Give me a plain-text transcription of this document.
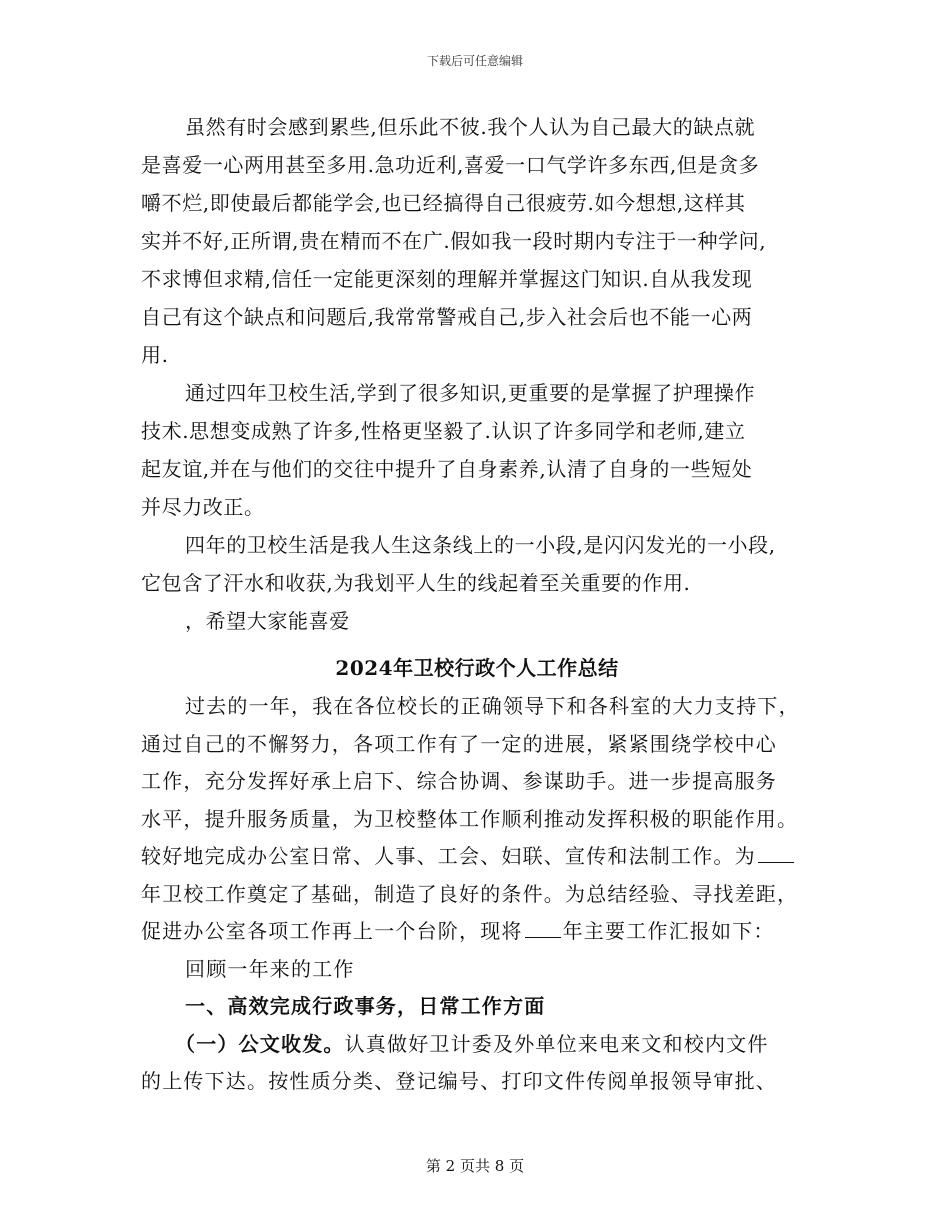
下载后可任意编辑
虽然有时会感到累些,但乐此不彼.我个人认为自己最大的缺点就
是喜爱一心两用甚至多用.急功近利,喜爱一口气学许多东西,但是贪多
嚼不烂,即使最后都能学会,也已经搞得自己很疲劳.如今想想,这样其
实并不好,正所谓,贵在精而不在广.假如我一段时期内专注于一种学问,
不求博但求精,信任一定能更深刻的理解并掌握这门知识.自从我发现
自己有这个缺点和问题后,我常常警戒自己,步入社会后也不能一心两
用.
通过四年卫校生活,学到了很多知识,更重要的是掌握了护理操作
技术.思想变成熟了许多,性格更坚毅了.认识了许多同学和老师,建立
起友谊,并在与他们的交往中提升了自身素养,认清了自身的一些短处
并尽力改正。
四年的卫校生活是我人生这条线上的一小段,是闪闪发光的一小段,
它包含了汗水和收获,为我划平人生的线起着至关重要的作用.
，希望大家能喜爱
2024年卫校行政个人工作总结
过去的一年，我在各位校长的正确领导下和各科室的大力支持下，
通过自己的不懈努力，各项工作有了一定的进展，紧紧围绕学校中心
工作，充分发挥好承上启下、综合协调、参谋助手。进一步提高服务
水平，提升服务质量，为卫校整体工作顺利推动发挥积极的职能作用。
较好地完成办公室日常、人事、工会、妇联、宣传和法制工作。为
年卫校工作奠定了基础，制造了良好的条件。为总结经验、寻找差距，
促进办公室各项工作再上一个台阶，现将 年主要工作汇报如下：
回顾一年来的工作
一、高效完成行政事务，日常工作方面
（一）公文收发。认真做好卫计委及外单位来电来文和校内文件
的上传下达。按性质分类、登记编号、打印文件传阅单报领导审批、
第 2 页共 8 页
